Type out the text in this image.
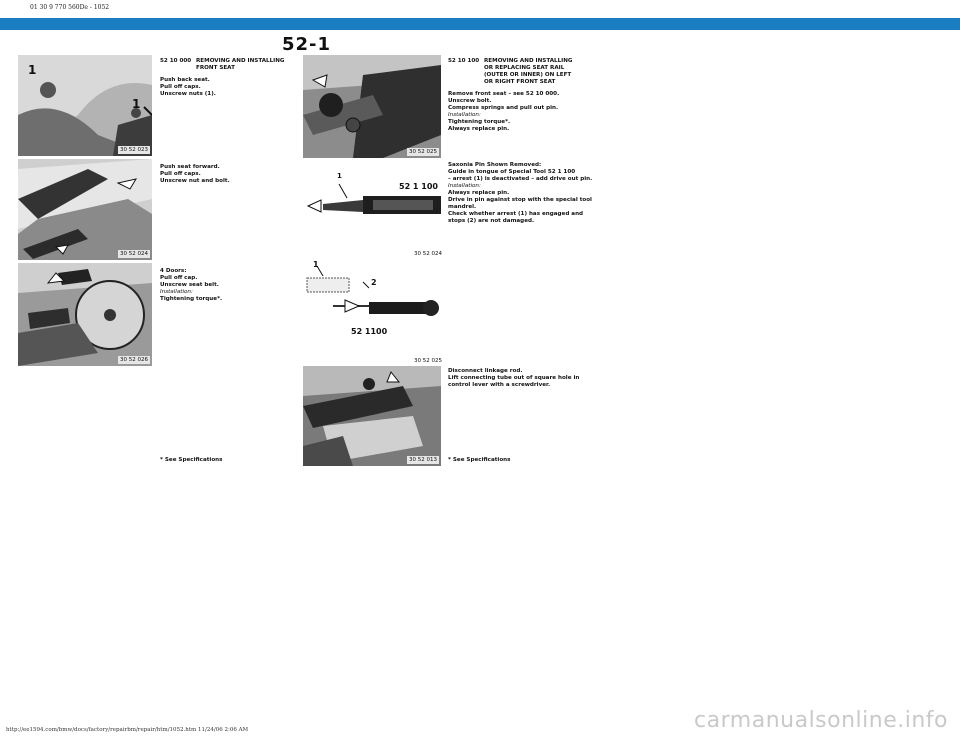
01 30 9 770 560De - 1052
52-1
1
1
30 52 023
30 52 024
30 52 026
52 10 000 REMOVING AND INSTALLING
FRONT SEAT
Push back seat.
Pull off caps.
Unscrew nuts (1).
Push seat forward.
Pull off caps.
Unscrew nut and bolt.
4 Doors:
Pull off cap.
Unscrew seat belt.
Installation:
Tightening torque*.
* See Specifications
30 52 025
52 1 100
1
30 52 024
1
2
52 1100
30 52 025
30 52 013
52 10 100 REMOVING AND INSTALLING
OR REPLACING SEAT RAIL
(OUTER OR INNER) ON LEFT
OR RIGHT FRONT SEAT
Remove front seat – see 52 10 000.
Unscrew bolt.
Compress springs and pull out pin.
Installation:
Tightening torque*.
Always replace pin.
Saxonia Pin Shown Removed:
Guide in tongue of Special Tool 52 1 100
– arrest (1) is deactivated – add drive out pin.
Installation:
Always replace pin.
Drive in pin against stop with the special tool
mandrel.
Check whether arrest (1) has engaged and
stops (2) are not damaged.
Disconnect linkage rod.
Lift connecting tube out of square hole in
control lever with a screwdriver.
* See Specifications
http://ee1594.com/bmw/docs/factory/repairbm/repair/htm/1052.htm 11/24/06 2:06 AM	carmanualsonline.info
